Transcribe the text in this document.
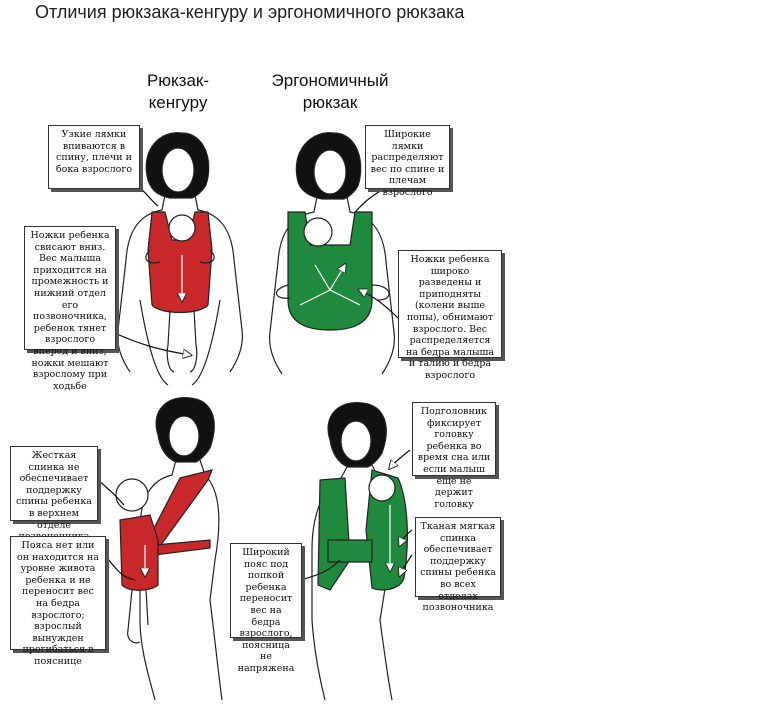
Отличия рюкзака-кенгуру и эргономичного рюкзака
Рюкзак-
кенгуру
Эргономичный
рюкзак
Узкие лямки впиваются в спину, плечи и бока взрослого
Широкие лямки распределяют вес по спине и плечам взрослого
Ножки ребенка свисают вниз. Вес малыша приходится на промежность и нижний отдел его позвоночника, ребенок тянет взрослого вперед и вниз, ножки мешают взрослому при ходьбе
Ножки ребенка широко разведены и приподняты (колени выше попы), обнимают взрослого. Вес распределяется на бедра малыша и талию и бедра взрослого
Жесткая спинка не обеспечивает поддержку спины ребенка в верхнем отделе
Пояса нет или он находится на уровне живота ребенка и не переносит вес на бедра взрослого; взрослый вынужден прогибаться в пояснице
Широкий пояс под попкой ребенка переносит вес на бедра взрослого, поясница не напряжена
Подголовник фиксирует головку ребенка во время сна или если малыш еще не держит головку
Тканая мягкая спинка обеспечивает поддержку спины ребенка во всех отделах позвоночника
